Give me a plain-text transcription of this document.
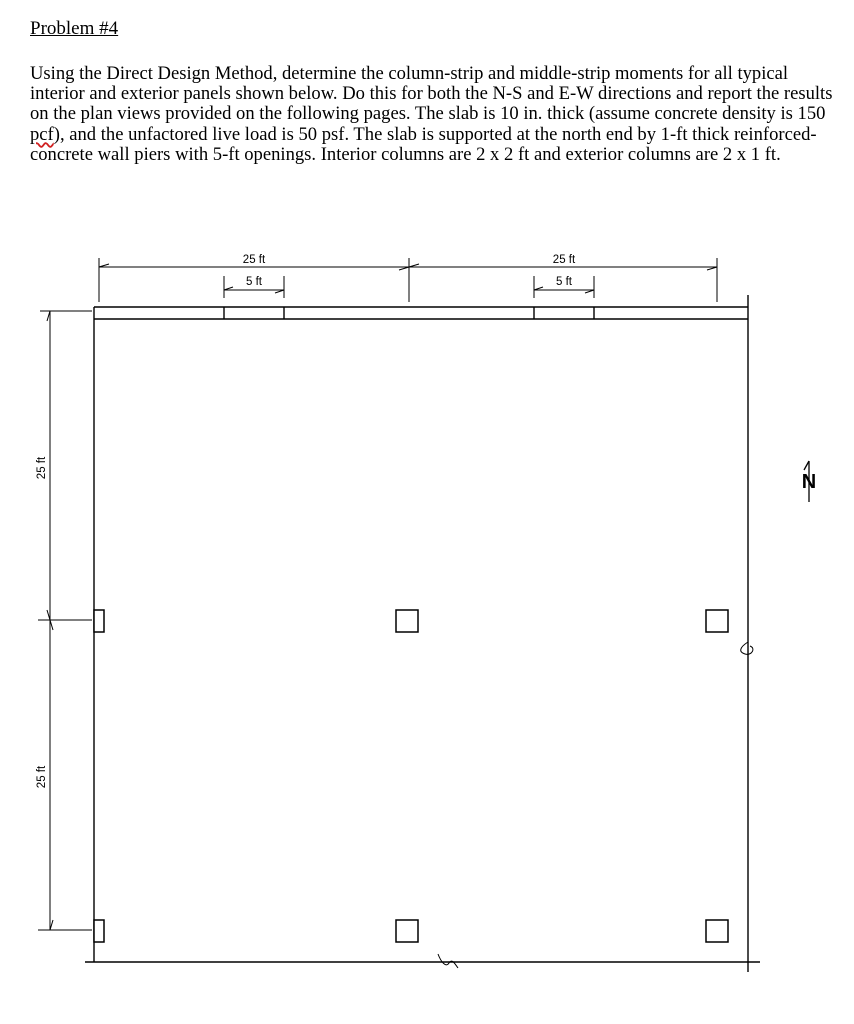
Problem #4
Using the Direct Design Method, determine the column-strip and middle-strip moments for all typical interior and exterior panels shown below. Do this for both the N-S and E-W directions and report the results on the plan views provided on the following pages. The slab is 10 in. thick (assume concrete density is 150 pcf), and the unfactored live load is 50 psf. The slab is supported at the north end by 1-ft thick reinforced-concrete wall piers with 5-ft openings. Interior columns are 2 x 2 ft and exterior columns are 2 x 1 ft.
25 ft
5 ft
25 ft
5 ft
25 ft
25 ft
N
